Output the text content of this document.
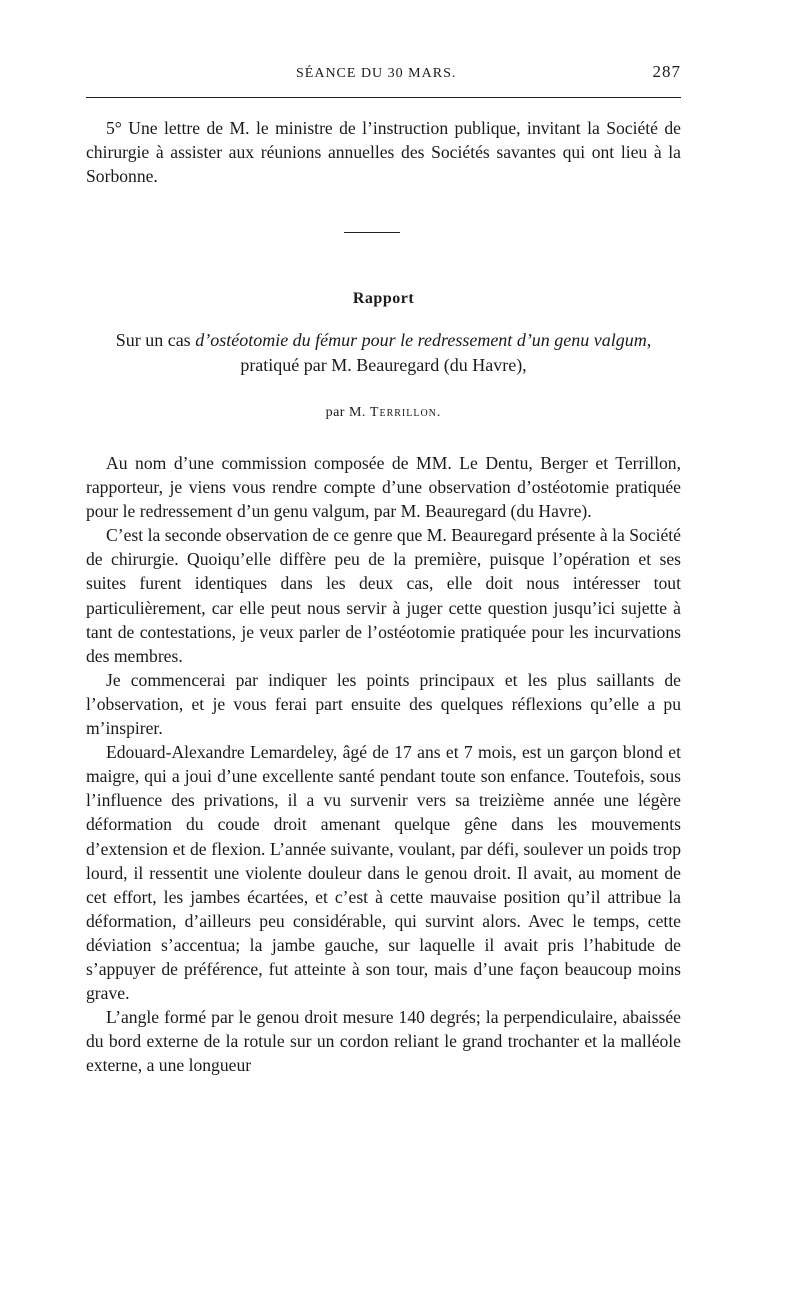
SÉANCE DU 30 MARS.	287

5° Une lettre de M. le ministre de l’instruction publique, invitant la Société de chirurgie à assister aux réunions annuelles des Sociétés savantes qui ont lieu à la Sorbonne.

Rapport
Sur un cas d’ostéotomie du fémur pour le redressement d’un genu valgum, pratiqué par M. Beauregard (du Havre),
par M. Terrillon.

Au nom d’une commission composée de MM. Le Dentu, Berger et Terrillon, rapporteur, je viens vous rendre compte d’une observation d’ostéotomie pratiquée pour le redressement d’un genu valgum, par M. Beauregard (du Havre).

C’est la seconde observation de ce genre que M. Beauregard présente à la Société de chirurgie. Quoiqu’elle diffère peu de la première, puisque l’opération et ses suites furent identiques dans les deux cas, elle doit nous intéresser tout particulièrement, car elle peut nous servir à juger cette question jusqu’ici sujette à tant de contestations, je veux parler de l’ostéotomie pratiquée pour les incurvations des membres.

Je commencerai par indiquer les points principaux et les plus saillants de l’observation, et je vous ferai part ensuite des quelques réflexions qu’elle a pu m’inspirer.

Edouard-Alexandre Lemardeley, âgé de 17 ans et 7 mois, est un garçon blond et maigre, qui a joui d’une excellente santé pendant toute son enfance. Toutefois, sous l’influence des privations, il a vu survenir vers sa treizième année une légère déformation du coude droit amenant quelque gêne dans les mouvements d’extension et de flexion. L’année suivante, voulant, par défi, soulever un poids trop lourd, il ressentit une violente douleur dans le genou droit. Il avait, au moment de cet effort, les jambes écartées, et c’est à cette mauvaise position qu’il attribue la déformation, d’ailleurs peu considérable, qui survint alors. Avec le temps, cette déviation s’accentua; la jambe gauche, sur laquelle il avait pris l’habitude de s’appuyer de préférence, fut atteinte à son tour, mais d’une façon beaucoup moins grave.

L’angle formé par le genou droit mesure 140 degrés; la perpendiculaire, abaissée du bord externe de la rotule sur un cordon reliant le grand trochanter et la malléole externe, a une longueur
